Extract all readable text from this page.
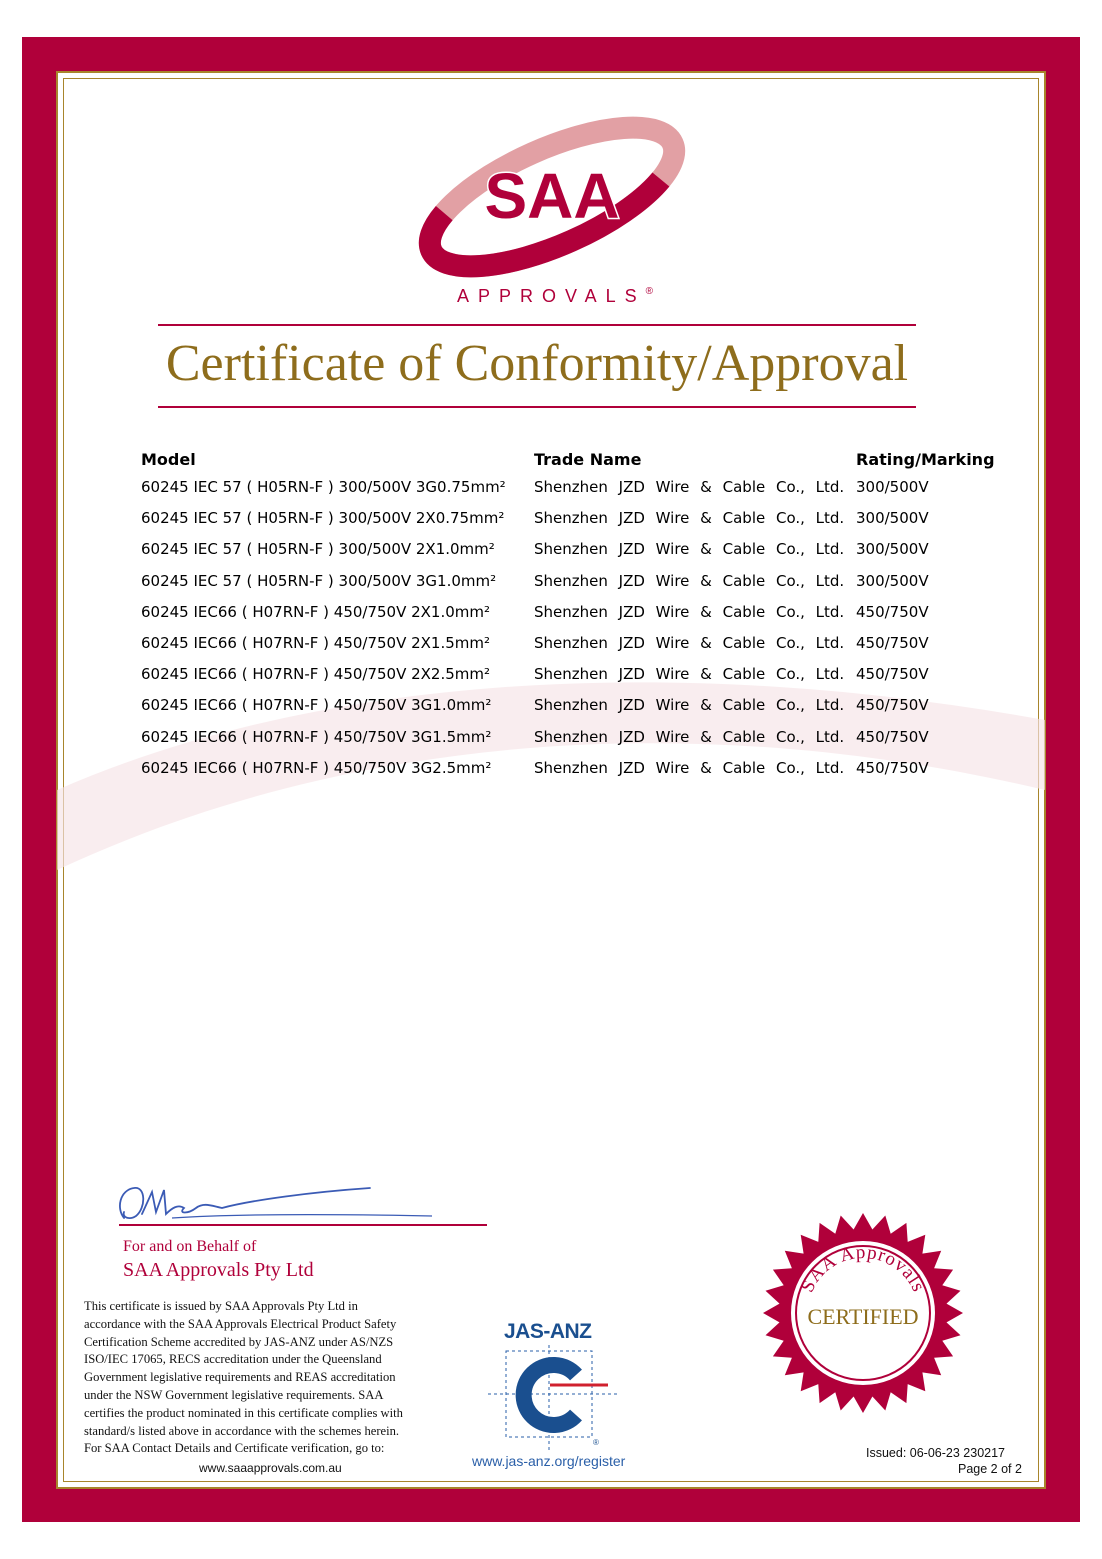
SAA
APPROVALS®
Certificate of Conformity/Approval
Model	Trade Name	Rating/Marking
60245 IEC 57 ( H05RN-F ) 300/500V 3G0.75mm² Shenzhen JZD Wire & Cable Co., Ltd. 300/500V
60245 IEC 57 ( H05RN-F ) 300/500V 2X0.75mm² Shenzhen JZD Wire & Cable Co., Ltd. 300/500V
60245 IEC 57 ( H05RN-F ) 300/500V 2X1.0mm²	Shenzhen JZD Wire & Cable Co., Ltd. 300/500V
60245 IEC 57 ( H05RN-F ) 300/500V 3G1.0mm²	Shenzhen JZD Wire & Cable Co., Ltd. 300/500V
60245 IEC66 ( H07RN-F ) 450/750V 2X1.0mm²	Shenzhen JZD Wire & Cable Co., Ltd. 450/750V
60245 IEC66 ( H07RN-F ) 450/750V 2X1.5mm²	Shenzhen JZD Wire & Cable Co., Ltd. 450/750V
60245 IEC66 ( H07RN-F ) 450/750V 2X2.5mm²	Shenzhen JZD Wire & Cable Co., Ltd. 450/750V
60245 IEC66 ( H07RN-F ) 450/750V 3G1.0mm²	Shenzhen JZD Wire & Cable Co., Ltd. 450/750V
60245 IEC66 ( H07RN-F ) 450/750V 3G1.5mm²	Shenzhen JZD Wire & Cable Co., Ltd. 450/750V
60245 IEC66 ( H07RN-F ) 450/750V 3G2.5mm²	Shenzhen JZD Wire & Cable Co., Ltd. 450/750V
For and on Behalf of
SAA Approvals Pty Ltd
This certificate is issued by SAA Approvals Pty Ltd in
accordance with the SAA Approvals Electrical Product Safety
Certification Scheme accredited by JAS-ANZ under AS/NZS
ISO/IEC 17065, RECS accreditation under the Queensland
Government legislative requirements and REAS accreditation
under the NSW Government legislative requirements. SAA
certifies the product nominated in this certificate complies with
standard/s listed above in accordance with the schemes herein.
For SAA Contact Details and Certificate verification, go to:
www.saaapprovals.com.au
JAS-ANZ
®
www.jas-anz.org/register
SAA Approvals
CERTIFIED
Issued: 06-06-23 230217
Page 2 of 2
